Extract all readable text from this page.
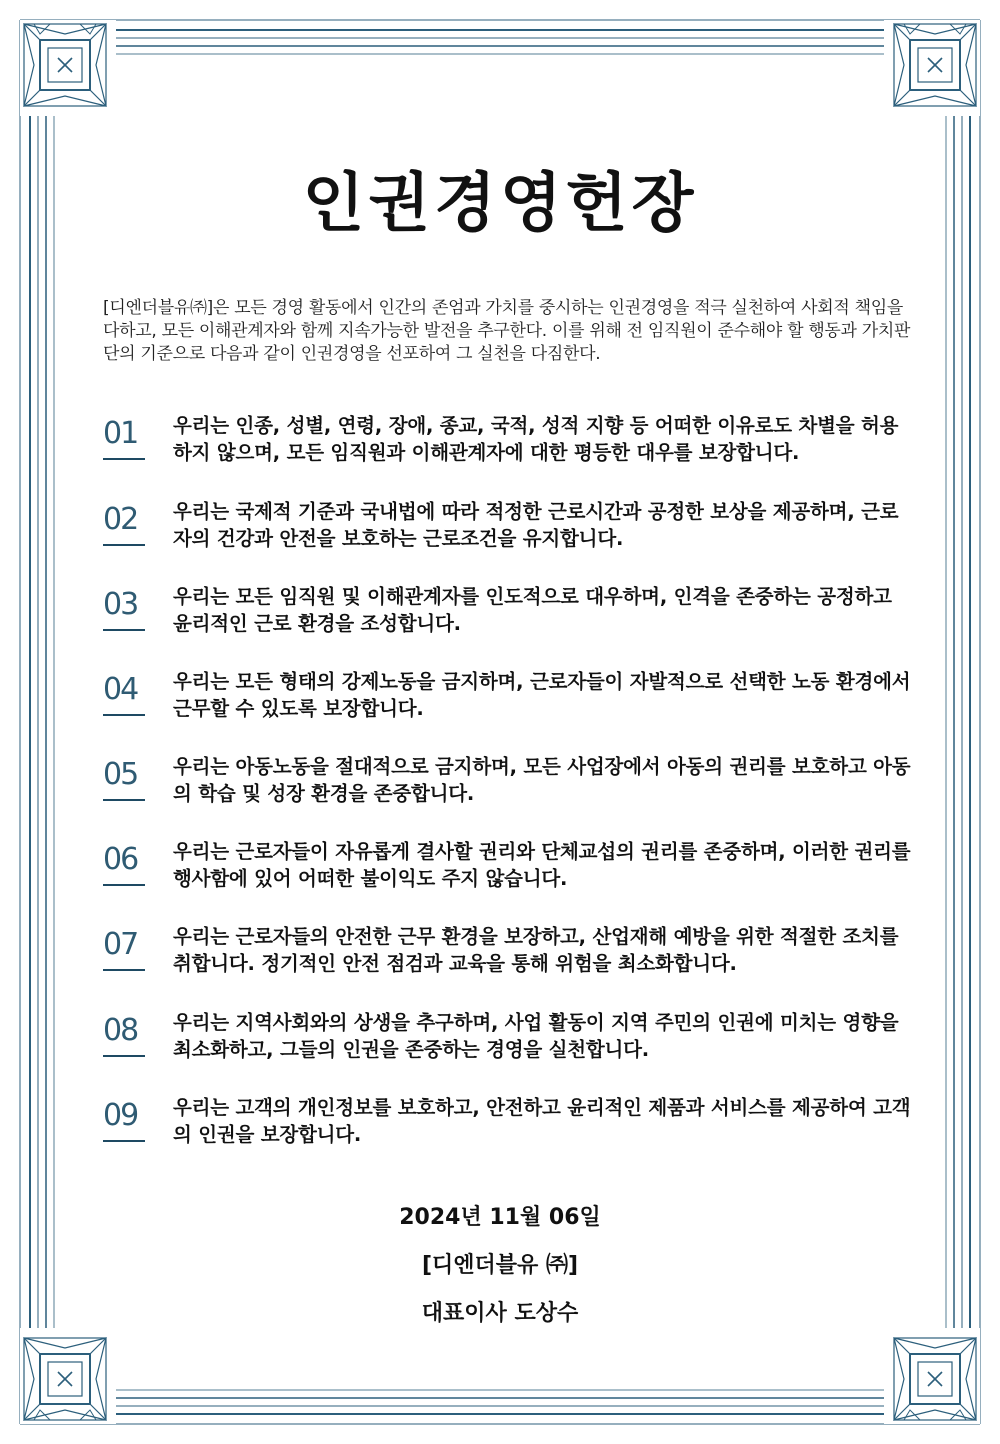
인권경영헌장
[디엔더블유㈜]은 모든 경영 활동에서 인간의 존엄과 가치를 중시하는 인권경영을 적극 실천하여 사회적 책임을 다하고, 모든 이해관계자와 함께 지속가능한 발전을 추구한다. 이를 위해 전 임직원이 준수해야 할 행동과 가치판단의 기준으로 다음과 같이 인권경영을 선포하여 그 실천을 다짐한다.
01	우리는 인종, 성별, 연령, 장애, 종교, 국적, 성적 지향 등 어떠한 이유로도 차별을 허용하지 않으며, 모든 임직원과 이해관계자에 대한 평등한 대우를 보장합니다.
02	우리는 국제적 기준과 국내법에 따라 적정한 근로시간과 공정한 보상을 제공하며, 근로자의 건강과 안전을 보호하는 근로조건을 유지합니다.
03	우리는 모든 임직원 및 이해관계자를 인도적으로 대우하며, 인격을 존중하는 공정하고 윤리적인 근로 환경을 조성합니다.
04	우리는 모든 형태의 강제노동을 금지하며, 근로자들이 자발적으로 선택한 노동 환경에서 근무할 수 있도록 보장합니다.
05	우리는 아동노동을 절대적으로 금지하며, 모든 사업장에서 아동의 권리를 보호하고 아동의 학습 및 성장 환경을 존중합니다.
06	우리는 근로자들이 자유롭게 결사할 권리와 단체교섭의 권리를 존중하며, 이러한 권리를 행사함에 있어 어떠한 불이익도 주지 않습니다.
07	우리는 근로자들의 안전한 근무 환경을 보장하고, 산업재해 예방을 위한 적절한 조치를 취합니다. 정기적인 안전 점검과 교육을 통해 위험을 최소화합니다.
08	우리는 지역사회와의 상생을 추구하며, 사업 활동이 지역 주민의 인권에 미치는 영향을 최소화하고, 그들의 인권을 존중하는 경영을 실천합니다.
09	우리는 고객의 개인정보를 보호하고, 안전하고 윤리적인 제품과 서비스를 제공하여 고객의 인권을 보장합니다.
2024년 11월 06일
[디엔더블유 ㈜]
대표이사 도상수
